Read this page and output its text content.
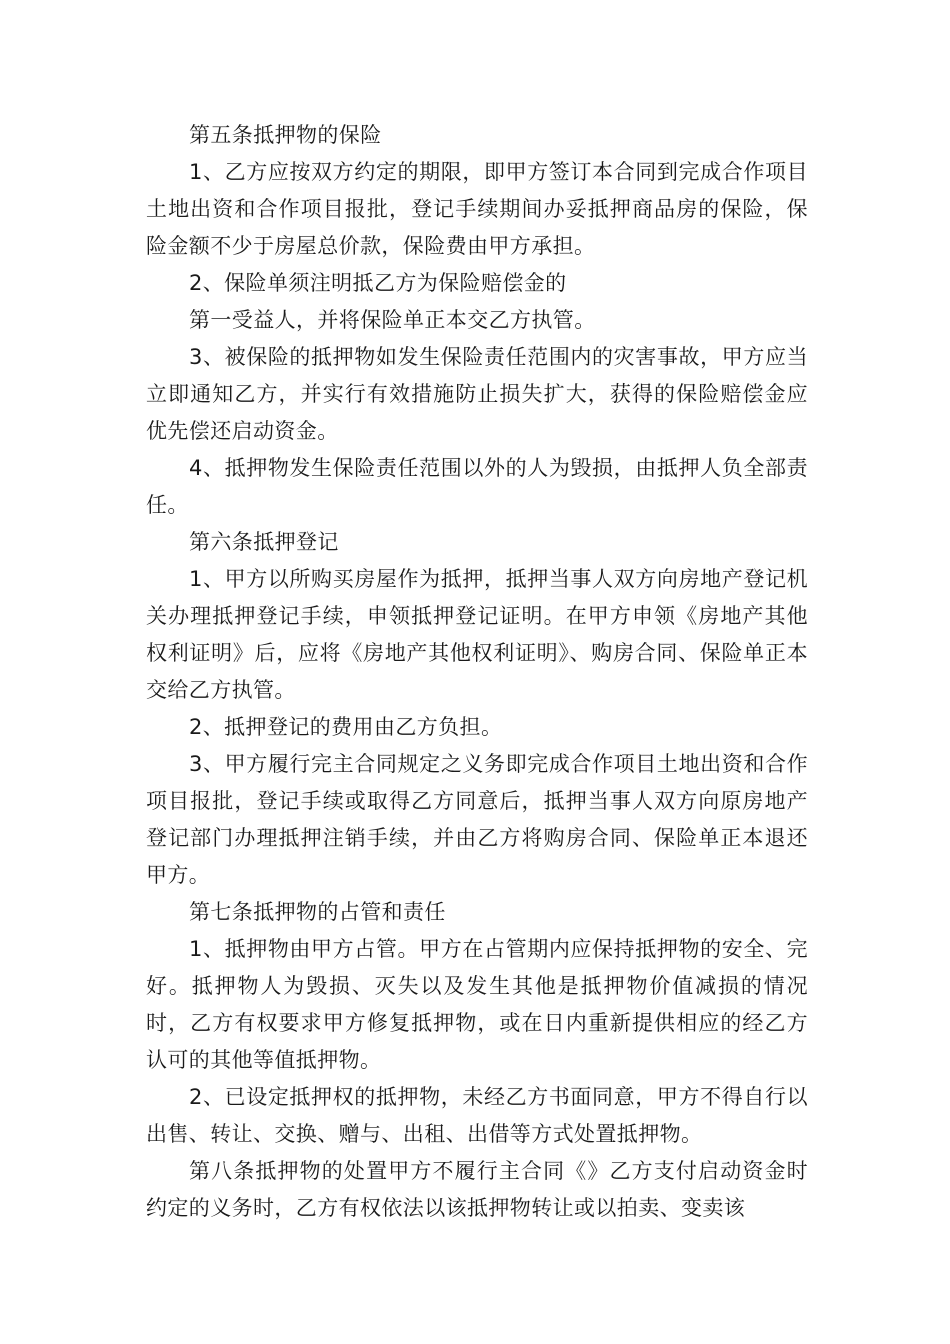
第五条抵押物的保险

1、乙方应按双方约定的期限，即甲方签订本合同到完成合作项目土地出资和合作项目报批，登记手续期间办妥抵押商品房的保险，保险金额不少于房屋总价款，保险费由甲方承担。

2、保险单须注明抵乙方为保险赔偿金的

第一受益人，并将保险单正本交乙方执管。

3、被保险的抵押物如发生保险责任范围内的灾害事故，甲方应当立即通知乙方，并实行有效措施防止损失扩大，获得的保险赔偿金应优先偿还启动资金。

4、抵押物发生保险责任范围以外的人为毁损，由抵押人负全部责任。

第六条抵押登记

1、甲方以所购买房屋作为抵押，抵押当事人双方向房地产登记机关办理抵押登记手续，申领抵押登记证明。在甲方申领《房地产其他权利证明》后，应将《房地产其他权利证明》、购房合同、保险单正本交给乙方执管。

2、抵押登记的费用由乙方负担。

3、甲方履行完主合同规定之义务即完成合作项目土地出资和合作项目报批，登记手续或取得乙方同意后，抵押当事人双方向原房地产登记部门办理抵押注销手续，并由乙方将购房合同、保险单正本退还甲方。

第七条抵押物的占管和责任

1、抵押物由甲方占管。甲方在占管期内应保持抵押物的安全、完好。抵押物人为毁损、灭失以及发生其他是抵押物价值减损的情况时，乙方有权要求甲方修复抵押物，或在日内重新提供相应的经乙方认可的其他等值抵押物。

2、已设定抵押权的抵押物，未经乙方书面同意，甲方不得自行以出售、转让、交换、赠与、出租、出借等方式处置抵押物。

第八条抵押物的处置甲方不履行主合同《》乙方支付启动资金时约定的义务时，乙方有权依法以该抵押物转让或以拍卖、变卖该
